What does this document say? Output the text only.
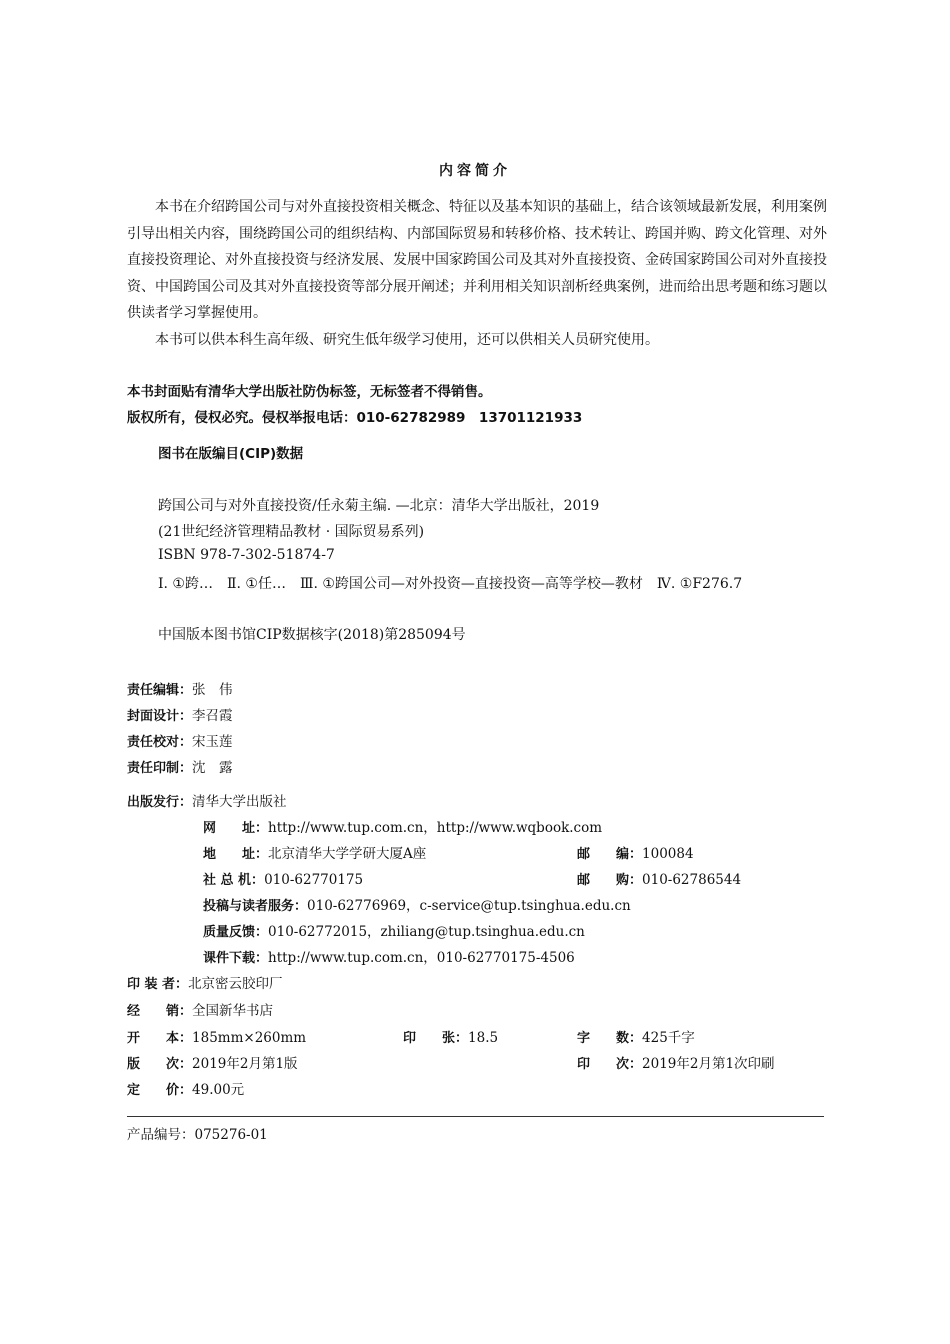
内容简介

本书在介绍跨国公司与对外直接投资相关概念、特征以及基本知识的基础上，结合该领域最新发展，利用案例引导出相关内容，围绕跨国公司的组织结构、内部国际贸易和转移价格、技术转让、跨国并购、跨文化管理、对外直接投资理论、对外直接投资与经济发展、发展中国家跨国公司及其对外直接投资、金砖国家跨国公司对外直接投资、中国跨国公司及其对外直接投资等部分展开阐述；并利用相关知识剖析经典案例，进而给出思考题和练习题以供读者学习掌握使用。

本书可以供本科生高年级、研究生低年级学习使用，还可以供相关人员研究使用。

本书封面贴有清华大学出版社防伪标签，无标签者不得销售。
版权所有，侵权必究。侵权举报电话：010-62782989　13701121933
图书在版编目(CIP)数据
跨国公司与对外直接投资/任永菊主编. —北京：清华大学出版社，2019
(21世纪经济管理精品教材 · 国际贸易系列)
ISBN 978-7-302-51874-7
Ⅰ. ①跨…　Ⅱ. ①任…　Ⅲ. ①跨国公司—对外投资—直接投资—高等学校—教材　Ⅳ. ①F276.7
中国版本图书馆CIP数据核字(2018)第285094号
责任编辑：张　伟
封面设计：李召霞
责任校对：宋玉莲
责任印制：沈　露
出版发行：清华大学出版社
网　　址：http://www.tup.com.cn，http://www.wqbook.com
地　　址：北京清华大学学研大厦A座	邮　　编：100084
社 总 机：010-62770175	邮　　购：010-62786544
投稿与读者服务：010-62776969，c-service@tup.tsinghua.edu.cn
质量反馈：010-62772015，zhiliang@tup.tsinghua.edu.cn
课件下载：http://www.tup.com.cn，010-62770175-4506
印 装 者：北京密云胶印厂
经　　销：全国新华书店
开　　本：185mm×260mm	印　　张：18.5	字　　数：425千字
版　　次：2019年2月第1版	印　　次：2019年2月第1次印刷
定　　价：49.00元
产品编号：075276-01
